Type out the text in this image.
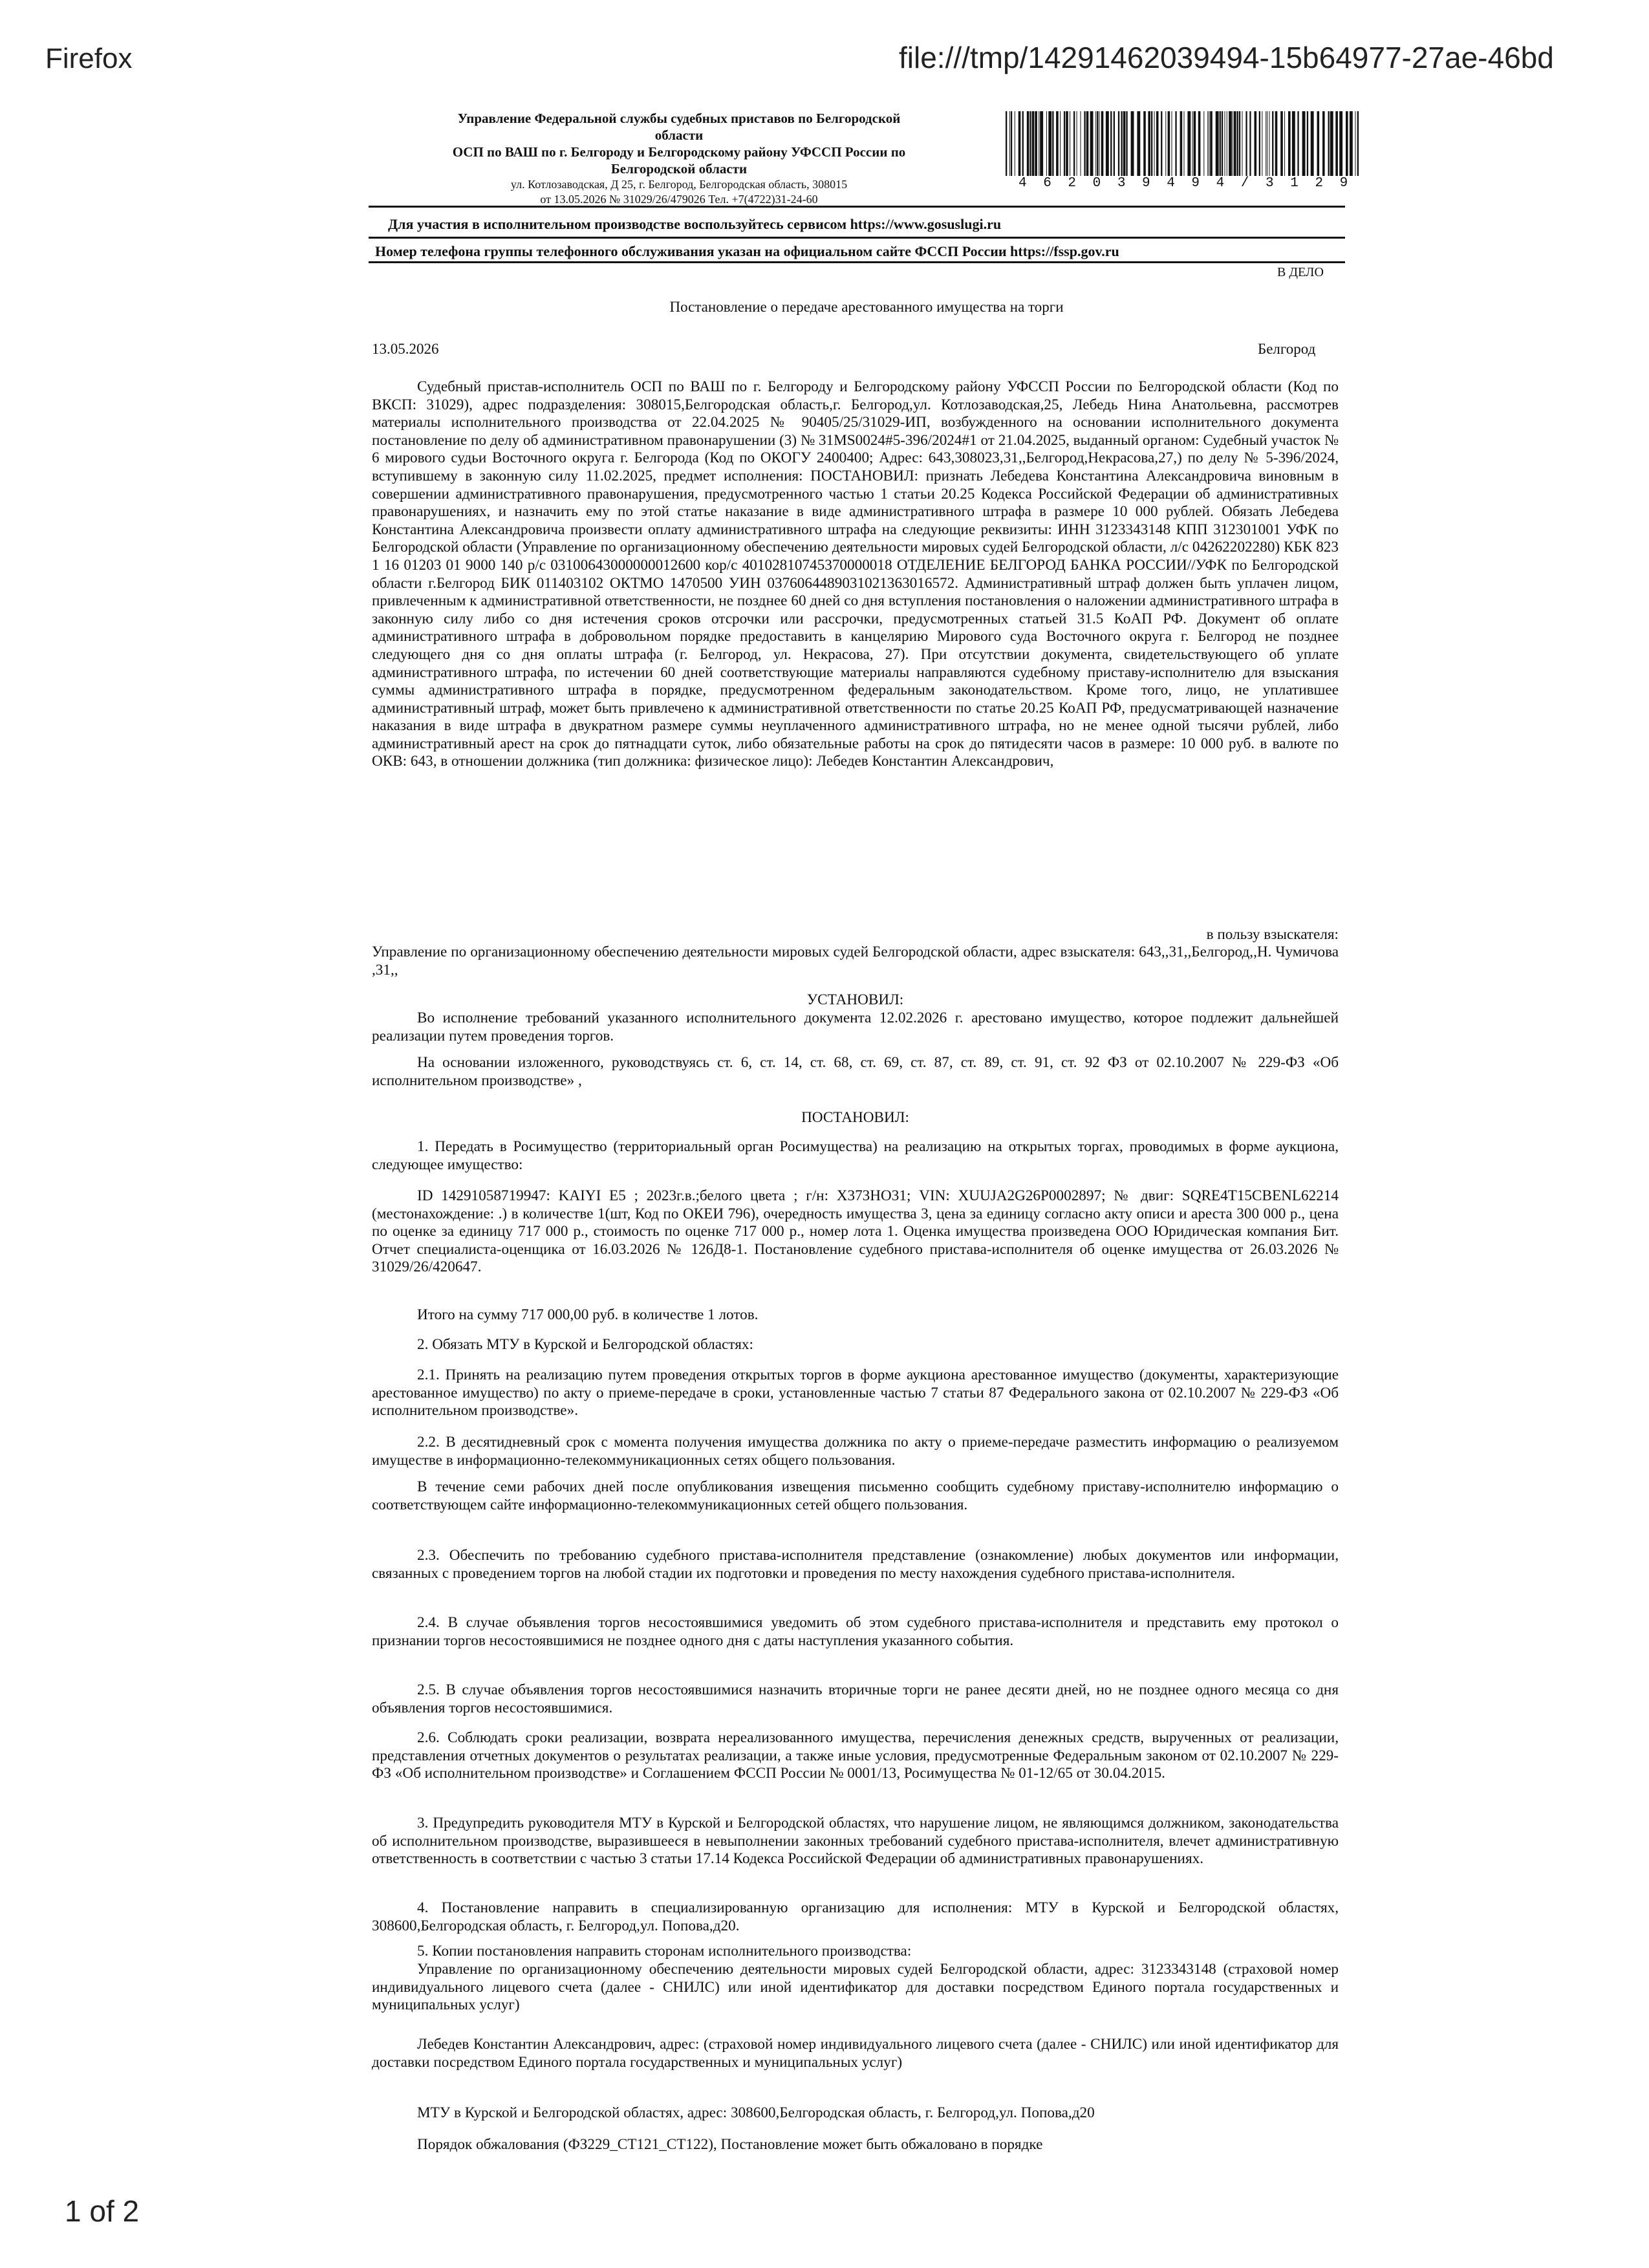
Firefox	file:///tmp/14291462039494-15b64977-27ae-46bd
1 of 2
Управление Федеральной службы судебных приставов по Белгородской
области
ОСП по ВАШ по г. Белгороду и Белгородскому району УФССП России по
Белгородской области
ул. Котлозаводская, Д 25, г. Белгород, Белгородская область, 308015
от 13.05.2026 № 31029/26/479026 Тел. +7(4722)31-24-60
4 6 2 0 3 9 4 9 4 / 3 1 2 9
Для участия в исполнительном производстве воспользуйтесь сервисом https://www.gosuslugi.ru
Номер телефона группы телефонного обслуживания указан на официальном сайте ФССП России https://fssp.gov.ru
В ДЕЛО
Постановление о передаче арестованного имущества на торги
13.05.2026	Белгород
Судебный пристав-исполнитель ОСП по ВАШ по г. Белгороду и Белгородскому району УФССП России по Белгородской области (Код по ВКСП: 31029), адрес подразделения: 308015,Белгородская область,г. Белгород,ул. Котлозаводская,25, Лебедь Нина Анатольевна, рассмотрев материалы исполнительного производства от 22.04.2025 № 90405/25/31029-ИП, возбужденного на основании исполнительного документа постановление по делу об административном правонарушении (3) № 31MS0024#5-396/2024#1 от 21.04.2025, выданный органом: Судебный участок № 6 мирового судьи Восточного округа г. Белгорода (Код по ОКОГУ 2400400; Адрес: 643,308023,31,,Белгород,Некрасова,27,) по делу № 5-396/2024, вступившему в законную силу 11.02.2025, предмет исполнения: ПОСТАНОВИЛ: признать Лебедева Константина Александровича виновным в совершении административного правонарушения, предусмотренного частью 1 статьи 20.25 Кодекса Российской Федерации об административных правонарушениях, и назначить ему по этой статье наказание в виде административного штрафа в размере 10 000 рублей. Обязать Лебедева Константина Александровича произвести оплату административного штрафа на следующие реквизиты: ИНН 3123343148 КПП 312301001 УФК по Белгородской области (Управление по организационному обеспечению деятельности мировых судей Белгородской области, л/с 04262202280) КБК 823 1 16 01203 01 9000 140 р/с 03100643000000012600 кор/с 40102810745370000018 ОТДЕЛЕНИЕ БЕЛГОРОД БАНКА РОССИИ//УФК по Белгородской области г.Белгород БИК 011403102 ОКТМО 1470500 УИН 0376064489031021363016572. Административный штраф должен быть уплачен лицом, привлеченным к административной ответственности, не позднее 60 дней со дня вступления постановления о наложении административного штрафа в законную силу либо со дня истечения сроков отсрочки или рассрочки, предусмотренных статьей 31.5 КоАП РФ. Документ об оплате административного штрафа в добровольном порядке предоставить в канцелярию Мирового суда Восточного округа г. Белгород не позднее следующего дня со дня оплаты штрафа (г. Белгород, ул. Некрасова, 27). При отсутствии документа, свидетельствующего об уплате административного штрафа, по истечении 60 дней соответствующие материалы направляются судебному приставу-исполнителю для взыскания суммы административного штрафа в порядке, предусмотренном федеральным законодательством. Кроме того, лицо, не уплатившее административный штраф, может быть привлечено к административной ответственности по статье 20.25 КоАП РФ, предусматривающей назначение наказания в виде штрафа в двукратном размере суммы неуплаченного административного штрафа, но не менее одной тысячи рублей, либо административный арест на срок до пятнадцати суток, либо обязательные работы на срок до пятидесяти часов в размере: 10 000 руб. в валюте по ОКВ: 643, в отношении должника (тип должника: физическое лицо): Лебедев Константин Александрович,
в пользу взыскателя:
Управление по организационному обеспечению деятельности мировых судей Белгородской области, адрес взыскателя: 643,,31,,Белгород,,Н. Чумичова ,31,,
УСТАНОВИЛ:
Во исполнение требований указанного исполнительного документа 12.02.2026 г. арестовано имущество, которое подлежит дальнейшей реализации путем проведения торгов.
На основании изложенного, руководствуясь ст. 6, ст. 14, ст. 68, ст. 69, ст. 87, ст. 89, ст. 91, ст. 92 ФЗ от 02.10.2007 № 229-ФЗ «Об исполнительном производстве» ,
ПОСТАНОВИЛ:
1. Передать в Росимущество (территориальный орган Росимущества) на реализацию на открытых торгах, проводимых в форме аукциона, следующее имущество:
ID 14291058719947: KAIYI E5 ; 2023г.в.;белого цвета ; г/н: Х373НО31; VIN: XUUJA2G26P0002897; № двиг: SQRE4T15CBENL62214 (местонахождение: .) в количестве 1(шт, Код по ОКЕИ 796), очередность имущества 3, цена за единицу согласно акту описи и ареста 300 000 р., цена по оценке за единицу 717 000 р., стоимость по оценке 717 000 р., номер лота 1. Оценка имущества произведена ООО Юридическая компания Бит. Отчет специалиста-оценщика от 16.03.2026 № 126Д8-1. Постановление судебного пристава-исполнителя об оценке имущества от 26.03.2026 № 31029/26/420647.
Итого на сумму 717 000,00 руб. в количестве 1 лотов.
2. Обязать МТУ в Курской и Белгородской областях:
2.1. Принять на реализацию путем проведения открытых торгов в форме аукциона арестованное имущество (документы, характеризующие арестованное имущество) по акту о приеме-передаче в сроки, установленные частью 7 статьи 87 Федерального закона от 02.10.2007 № 229-ФЗ «Об исполнительном производстве».
2.2. В десятидневный срок с момента получения имущества должника по акту о приеме-передаче разместить информацию о реализуемом имуществе в информационно-телекоммуникационных сетях общего пользования.
В течение семи рабочих дней после опубликования извещения письменно сообщить судебному приставу-исполнителю информацию о соответствующем сайте информационно-телекоммуникационных сетей общего пользования.
2.3. Обеспечить по требованию судебного пристава-исполнителя представление (ознакомление) любых документов или информации, связанных с проведением торгов на любой стадии их подготовки и проведения по месту нахождения судебного пристава-исполнителя.
2.4. В случае объявления торгов несостоявшимися уведомить об этом судебного пристава-исполнителя и представить ему протокол о признании торгов несостоявшимися не позднее одного дня с даты наступления указанного события.
2.5. В случае объявления торгов несостоявшимися назначить вторичные торги не ранее десяти дней, но не позднее одного месяца со дня объявления торгов несостоявшимися.
2.6. Соблюдать сроки реализации, возврата нереализованного имущества, перечисления денежных средств, вырученных от реализации, представления отчетных документов о результатах реализации, а также иные условия, предусмотренные Федеральным законом от 02.10.2007 № 229-ФЗ «Об исполнительном производстве» и Соглашением ФССП России № 0001/13, Росимущества № 01-12/65 от 30.04.2015.
3. Предупредить руководителя МТУ в Курской и Белгородской областях, что нарушение лицом, не являющимся должником, законодательства об исполнительном производстве, выразившееся в невыполнении законных требований судебного пристава-исполнителя, влечет административную ответственность в соответствии с частью 3 статьи 17.14 Кодекса Российской Федерации об административных правонарушениях.
4. Постановление направить в специализированную организацию для исполнения: МТУ в Курской и Белгородской областях, 308600,Белгородская область, г. Белгород,ул. Попова,д20.
5. Копии постановления направить сторонам исполнительного производства:
Управление по организационному обеспечению деятельности мировых судей Белгородской области, адрес: 3123343148 (страховой номер индивидуального лицевого счета (далее - СНИЛС) или иной идентификатор для доставки посредством Единого портала государственных и муниципальных услуг)
Лебедев Константин Александрович, адрес: (страховой номер индивидуального лицевого счета (далее - СНИЛС) или иной идентификатор для доставки посредством Единого портала государственных и муниципальных услуг)
МТУ в Курской и Белгородской областях, адрес: 308600,Белгородская область, г. Белгород,ул. Попова,д20
Порядок обжалования (ФЗ229_СТ121_СТ122), Постановление может быть обжаловано в порядке
